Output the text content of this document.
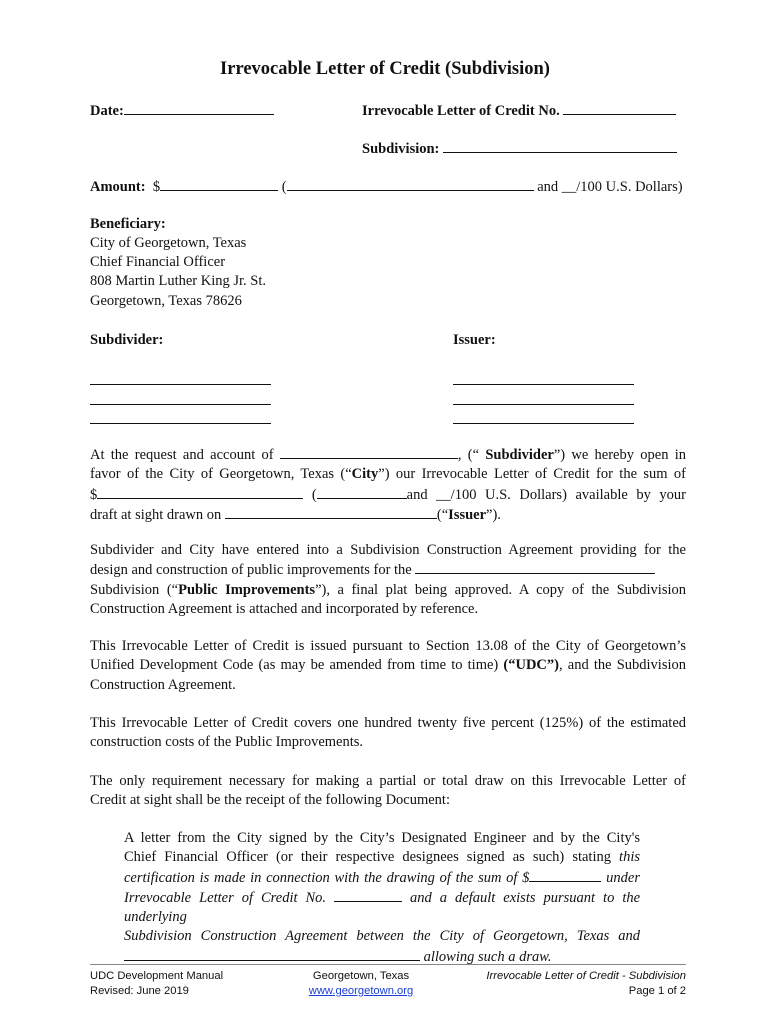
Irrevocable Letter of Credit (Subdivision)
Date:	Irrevocable Letter of Credit No.
Subdivision:
Amount: $	(	and __/100 U.S. Dollars)
Beneficiary:
City of Georgetown, Texas
Chief Financial Officer
808 Martin Luther King Jr. St.
Georgetown, Texas 78626
Subdivider:	Issuer:
At the request and account of	, (“ Subdivider”) we hereby open in
favor of the City of Georgetown, Texas (“City”) our Irrevocable Letter of Credit for the sum of
$	(	and __/100 U.S. Dollars) available by your
draft at sight drawn on	(“Issuer”).
Subdivider and City have entered into a Subdivision Construction Agreement providing for the
design and construction of public improvements for the
Subdivision (“Public Improvements”), a final plat being approved. A copy of the Subdivision
Construction Agreement is attached and incorporated by reference.
This Irrevocable Letter of Credit is issued pursuant to Section 13.08 of the City of Georgetown’s
Unified Development Code (as may be amended from time to time) (“UDC”), and the Subdivision
Construction Agreement.
This Irrevocable Letter of Credit covers one hundred twenty five percent (125%) of the estimated
construction costs of the Public Improvements.
The only requirement necessary for making a partial or total draw on this Irrevocable Letter of
Credit at sight shall be the receipt of the following Document:
A letter from the City signed by the City’s Designated Engineer and by the City's
Chief Financial Officer (or their respective designees signed as such) stating this
certification is made in connection with the drawing of the sum of $	under
Irrevocable Letter of Credit No.	and a default exists pursuant to the underlying
Subdivision Construction Agreement between the City of Georgetown, Texas and
allowing such a draw.
UDC Development Manual
Revised: June 2019
Georgetown, Texas
www.georgetown.org
Irrevocable Letter of Credit - Subdivision
Page 1 of 2
